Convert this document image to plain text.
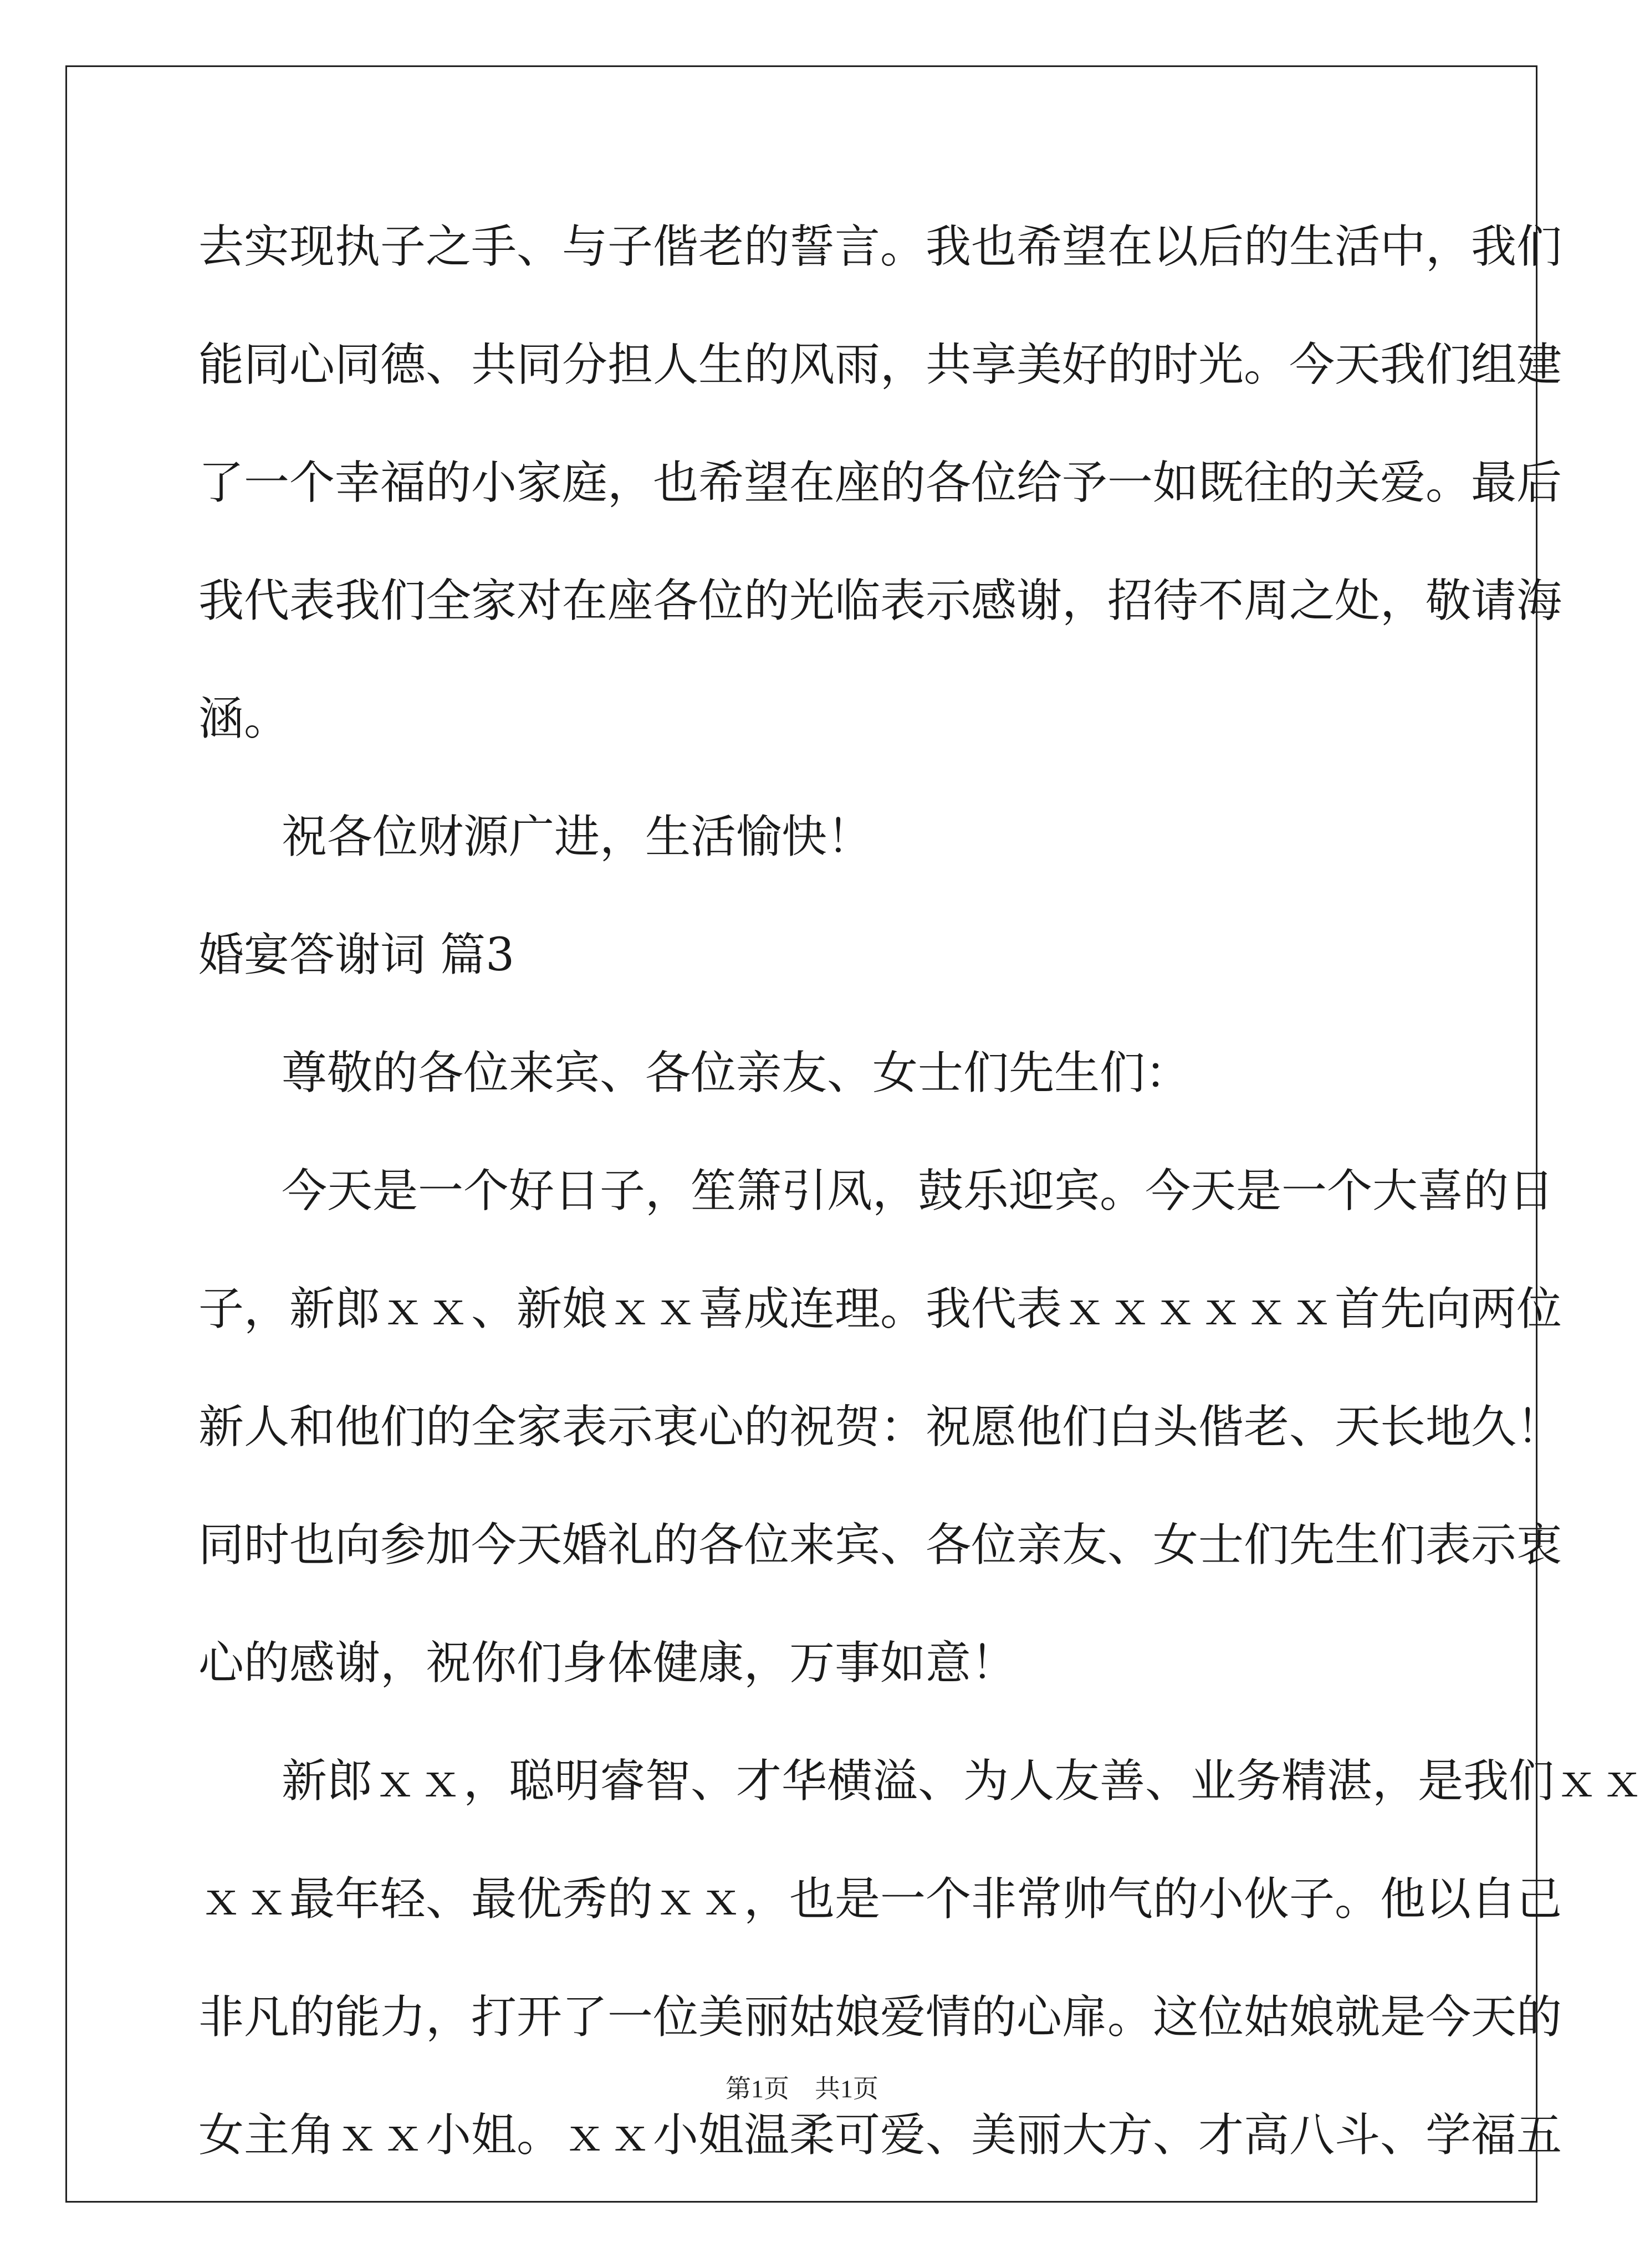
去实现执子之手、与子偕老的誓言。我也希望在以后的生活中，我们
能同心同德、共同分担人生的风雨，共享美好的时光。今天我们组建
了一个幸福的小家庭，也希望在座的各位给予一如既往的关爱。最后
我代表我们全家对在座各位的光临表示感谢，招待不周之处，敬请海
涵。
祝各位财源广进，生活愉快！
婚宴答谢词 篇3
尊敬的各位来宾、各位亲友、女士们先生们：
今天是一个好日子，笙箫引凤，鼓乐迎宾。今天是一个大喜的日
子，新郎ｘｘ、新娘ｘｘ喜成连理。我代表ｘｘｘｘｘｘ首先向两位
新人和他们的全家表示衷心的祝贺：祝愿他们白头偕老、天长地久！
同时也向参加今天婚礼的各位来宾、各位亲友、女士们先生们表示衷
心的感谢，祝你们身体健康，万事如意！
新郎ｘｘ，聪明睿智、才华横溢、为人友善、业务精湛，是我们ｘｘ
ｘｘ最年轻、最优秀的ｘｘ，也是一个非常帅气的小伙子。他以自己
非凡的能力，打开了一位美丽姑娘爱情的心扉。这位姑娘就是今天的
女主角ｘｘ小姐。ｘｘ小姐温柔可爱、美丽大方、才高八斗、学福五
第1页　共1页
